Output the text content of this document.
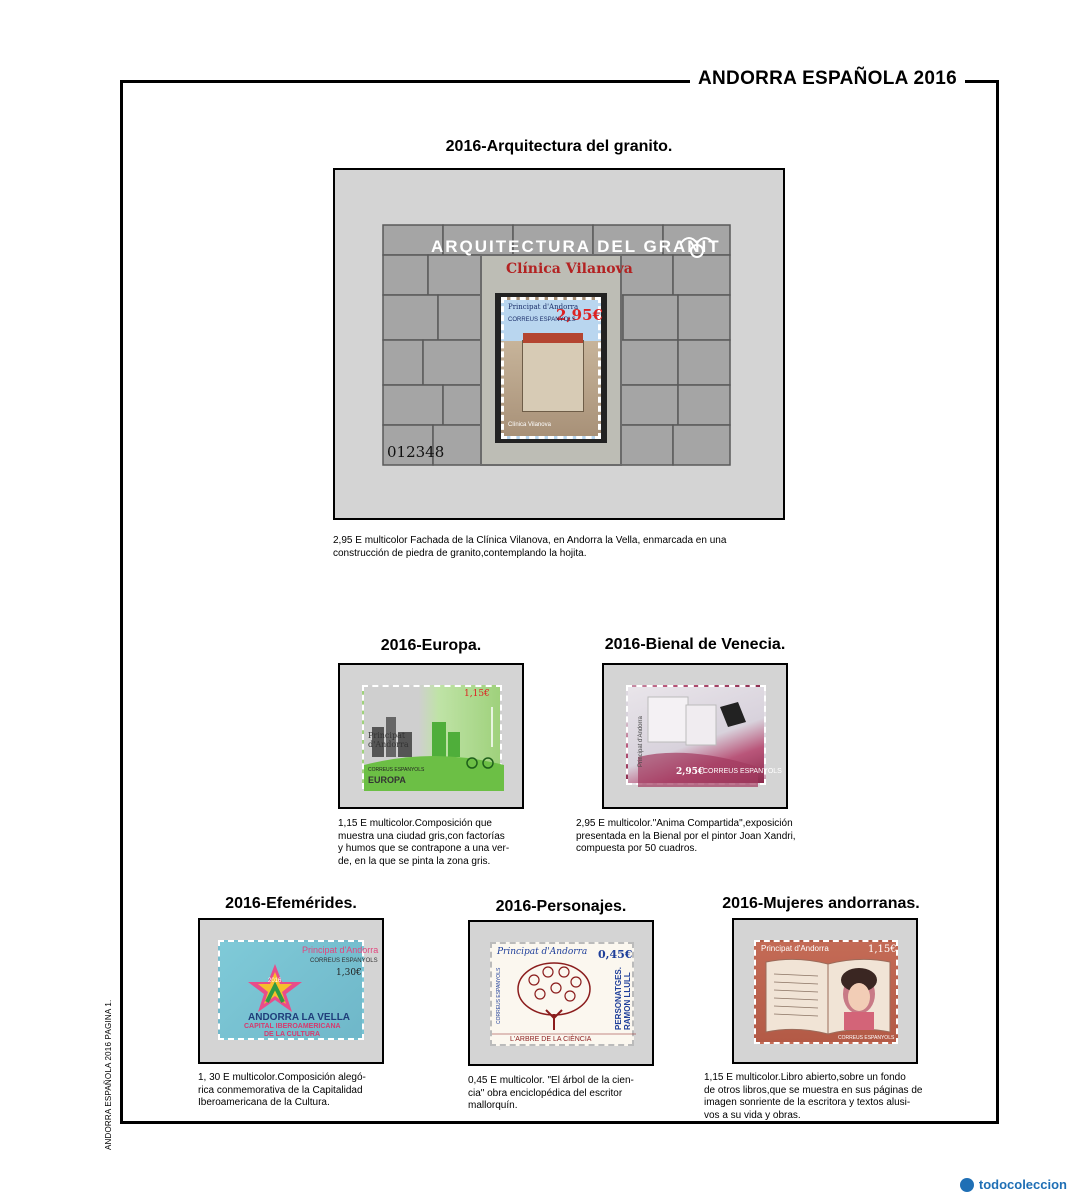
ANDORRA ESPAÑOLA 2016
2016-Arquitectura del granito.
ARQUITECTURA DEL GRANIT
Clínica Vilanova
Principat d'Andorra
2,95€
CORREUS ESPANYOLS
Clínica Vilanova
012348
2,95 E multicolor Fachada de la Clínica Vilanova, en Andorra la Vella, enmarcada en una
construcción de piedra de granito,contemplando la hojita.
2016-Europa.
1,15€
Principat
d'Andorra
CORREUS ESPANYOLS
EUROPA
1,15 E multicolor.Composición que
muestra una ciudad gris,con factorías
y humos que se contrapone a una ver-
de, en la que se pinta la zona gris.
2016-Bienal de Venecia.
Principat d'Andorra
2,95€
CORREUS ESPANYOLS
2,95 E multicolor."Anima Compartida",exposición
presentada en la Bienal por el pintor Joan Xandri,
compuesta por 50 cuadros.
2016-Efemérides.
Principat d'Andorra
CORREUS ESPANYOLS
1,30€
2016
ANDORRA LA VELLA
CAPITAL IBEROAMERICANA
DE LA CULTURA
1, 30 E multicolor.Composición alegó-
rica conmemorativa de la Capitalidad
Iberoamericana de la Cultura.
2016-Personajes.
Principat d'Andorra 0,45€
PERSONATGES.
RAMON LLULL
CORREUS ESPANYOLS
L'ARBRE DE LA CIÈNCIA
0,45 E multicolor. "El árbol de la cien-
cia" obra enciclopédica del escritor
mallorquín.
2016-Mujeres andorranas.
Principat d'Andorra	1,15€
CORREUS ESPANYOLS
1,15 E multicolor.Libro abierto,sobre un fondo
de otros libros,que se muestra en sus páginas de
imagen sonriente de la escritora y textos alusi-
vos a su vida y obras.
ANDORRA ESPAÑOLA 2016 PAGINA 1.
todocoleccion
